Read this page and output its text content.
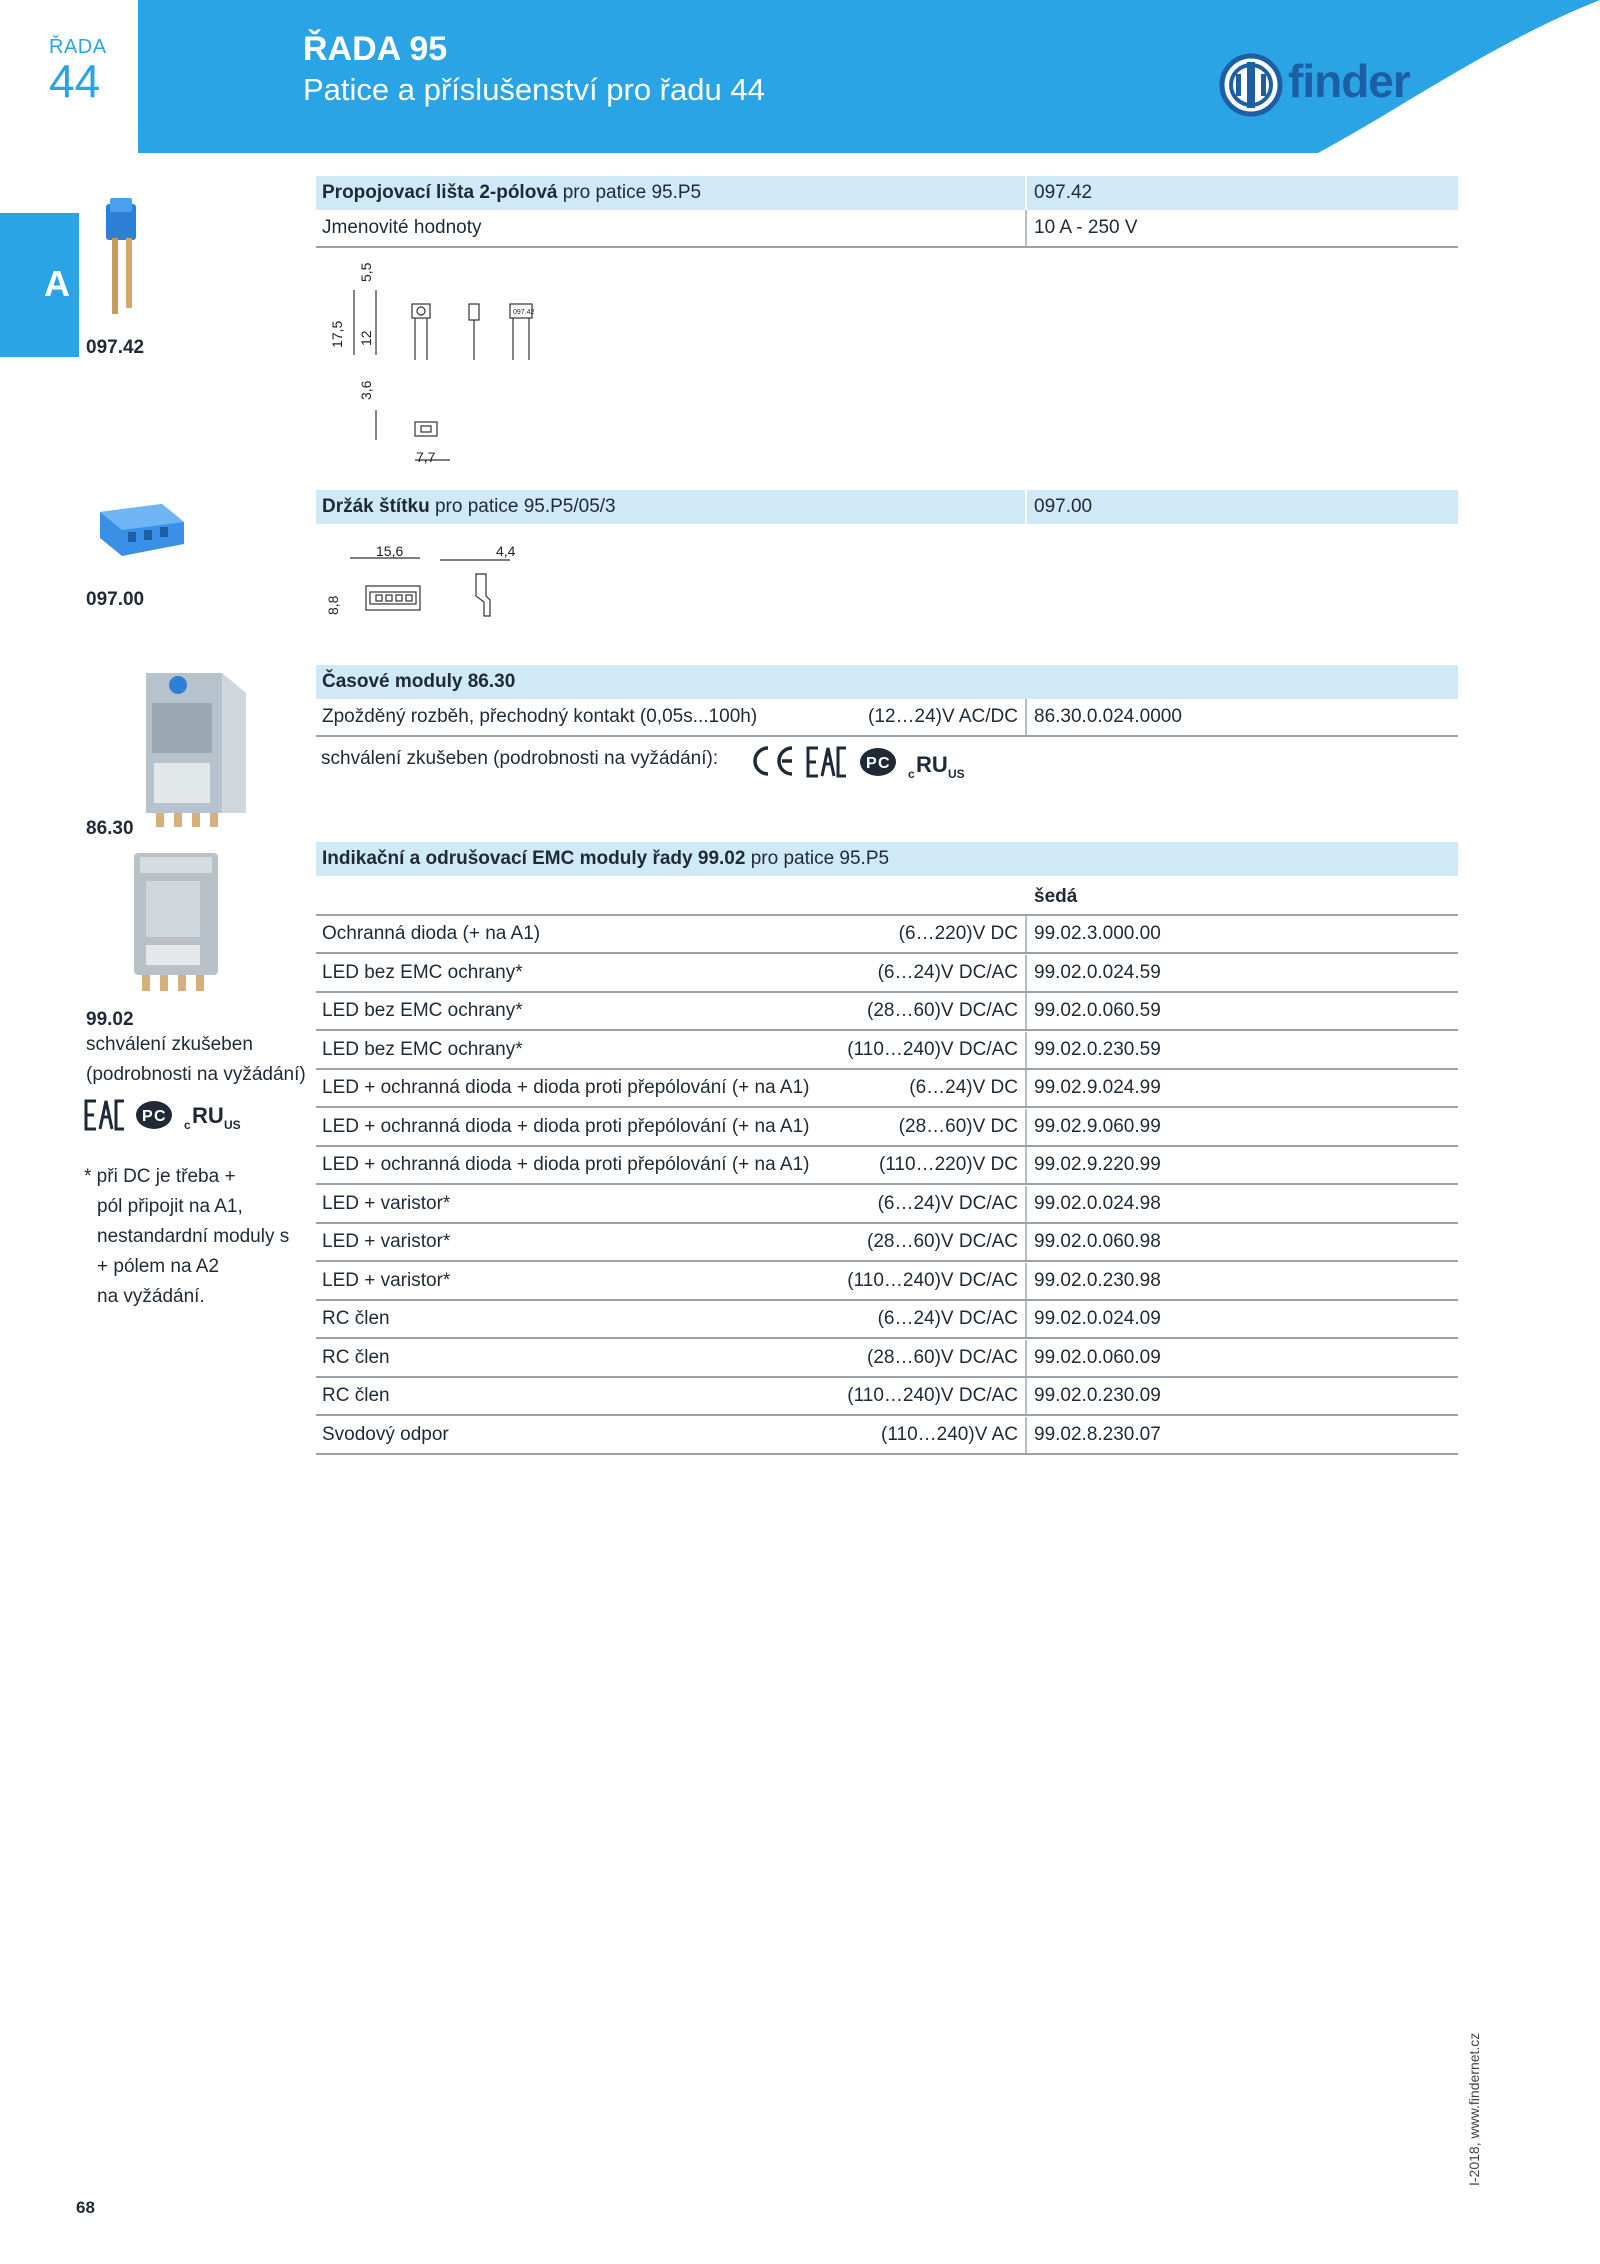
ŘADA
44
ŘADA 95
Patice a příslušenství pro řadu 44	finder
A
097.42
097.00
86.30
99.02
schválení zkušeben
(podrobnosti na vyžádání)
P C c RU US
* při DC je třeba +
pól připojit na A1,
nestandardní moduly s
+ pólem na A2
na vyžádání.
Propojovací lišta 2-pólová pro patice 95.P5	097.42
Jmenovité hodnoty	10 A - 250 V
17,5
5,5
12
097.42
3,6
7,7
Držák štítku pro patice 95.P5/05/3	097.00
15,6
8,8
4,4
Časové moduly 86.30
Zpožděný rozběh, přechodný kontakt (0,05s...100h)	(12…24)V AC/DC 86.30.0.024.0000
schválení zkušeben (podrobnosti na vyžádání):	P C
c RU US
Indikační a odrušovací EMC moduly řady 99.02 pro patice 95.P5
šedá
Ochranná dioda (+ na A1)	(6…220)V DC 99.02.3.000.00
LED bez EMC ochrany*	(6…24)V DC/AC 99.02.0.024.59
LED bez EMC ochrany*	(28…60)V DC/AC 99.02.0.060.59
LED bez EMC ochrany*	(110…240)V DC/AC 99.02.0.230.59
LED + ochranná dioda + dioda proti přepólování (+ na A1)	(6…24)V DC 99.02.9.024.99
LED + ochranná dioda + dioda proti přepólování (+ na A1)	(28…60)V DC 99.02.9.060.99
LED + ochranná dioda + dioda proti přepólování (+ na A1)	(110…220)V DC 99.02.9.220.99
LED + varistor*	(6…24)V DC/AC 99.02.0.024.98
LED + varistor*	(28…60)V DC/AC 99.02.0.060.98
LED + varistor*	(110…240)V DC/AC 99.02.0.230.98
RC člen	(6…24)V DC/AC 99.02.0.024.09
RC člen	(28…60)V DC/AC 99.02.0.060.09
RC člen	(110…240)V DC/AC 99.02.0.230.09
Svodový odpor	(110…240)V AC 99.02.8.230.07
68
I-2018, www.findernet.cz
